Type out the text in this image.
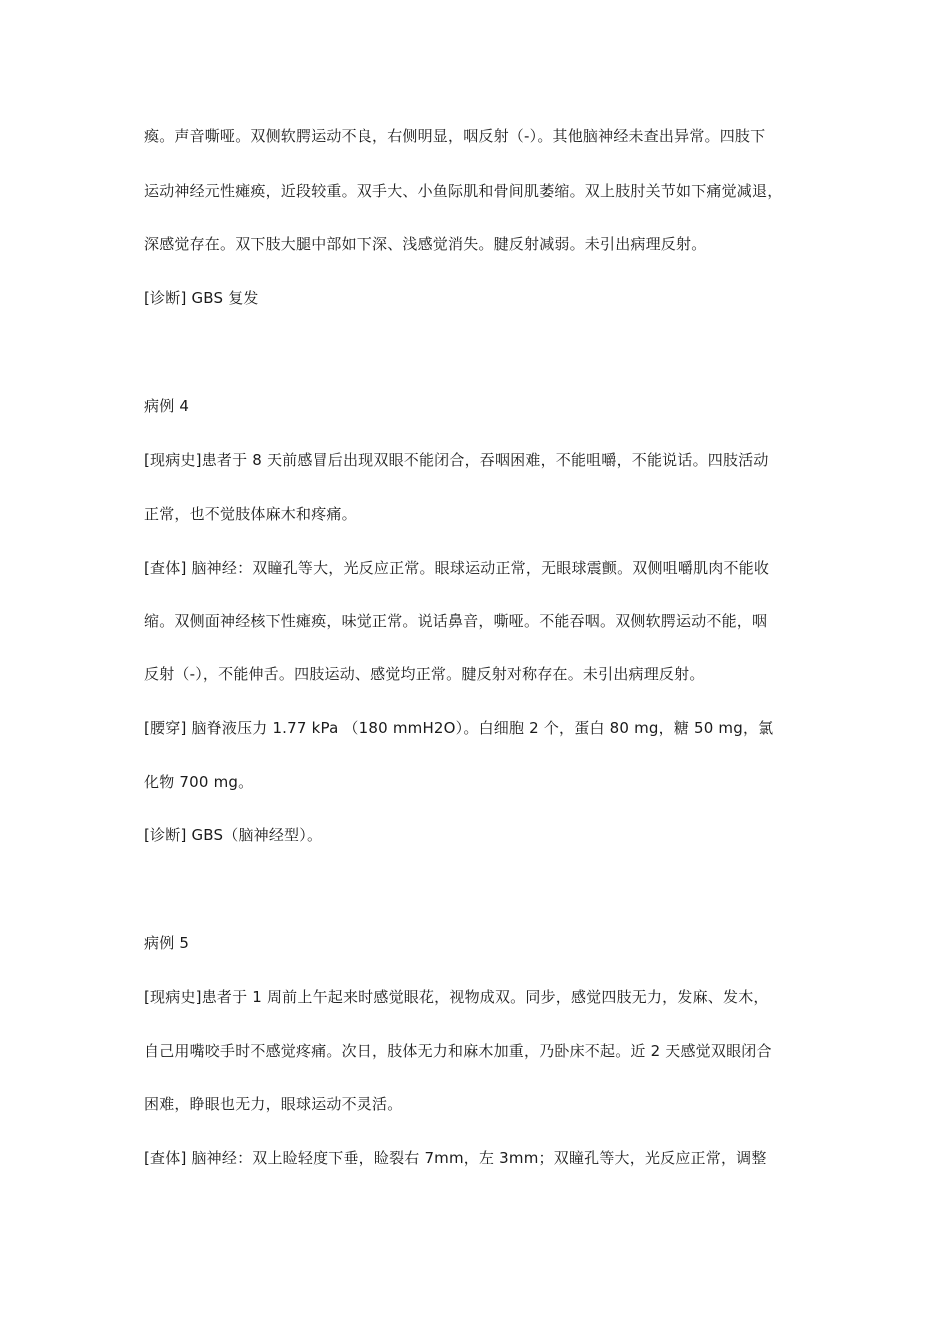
瘓。声音嘶哑。双侧软腭运动不良，右侧明显，咽反射（-）。其他脑神经未查出异常。四肢下
运动神经元性瘫痪，近段较重。双手大、小鱼际肌和骨间肌萎缩。双上肢肘关节如下痛觉减退，
深感觉存在。双下肢大腿中部如下深、浅感觉消失。腱反射减弱。未引出病理反射。
[诊断] GBS 复发
病例 4
[现病史]患者于 8 天前感冒后出现双眼不能闭合，吞咽困难，不能咀嚼，不能说话。四肢活动
正常，也不觉肢体麻木和疼痛。
[查体] 脑神经：双瞳孔等大，光反应正常。眼球运动正常，无眼球震颤。双侧咀嚼肌肉不能收
缩。双侧面神经核下性瘫痪，味觉正常。说话鼻音，嘶哑。不能吞咽。双侧软腭运动不能，咽
反射（-），不能伸舌。四肢运动、感觉均正常。腱反射对称存在。未引出病理反射。
[腰穿] 脑脊液压力 1.77 kPa （180 mmH2O）。白细胞 2 个，蛋白 80 mg，糖 50 mg，氯
化物 700 mg。
[诊断] GBS（脑神经型）。
病例 5
[现病史]患者于 1 周前上午起来时感觉眼花，视物成双。同步，感觉四肢无力，发麻、发木，
自己用嘴咬手时不感觉疼痛。次日，肢体无力和麻木加重，乃卧床不起。近 2 天感觉双眼闭合
困难，睁眼也无力，眼球运动不灵活。
[查体] 脑神经：双上睑轻度下垂，睑裂右 7mm，左 3mm；双瞳孔等大，光反应正常，调整
